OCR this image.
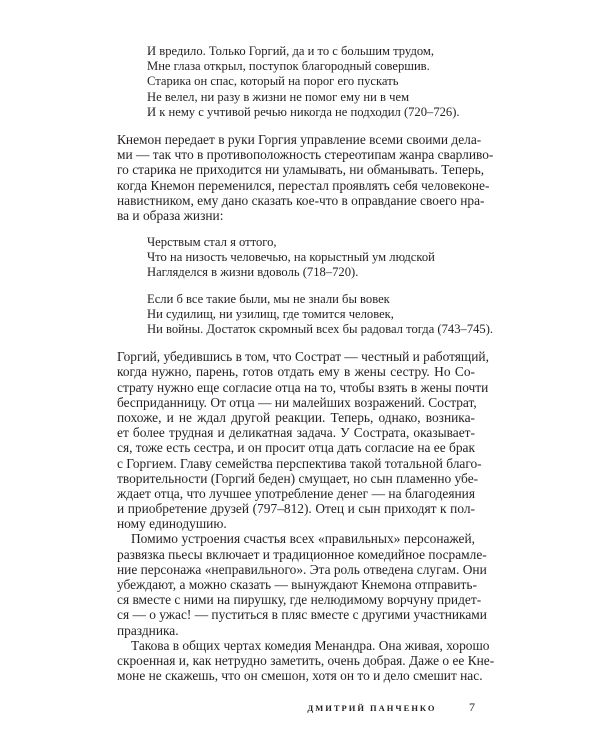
И вредило. Только Горгий, да и то с большим трудом,
Мне глаза открыл, поступок благородный совершив.
Старика он спас, который на порог его пускать
Не велел, ни разу в жизни не помог ему ни в чем
И к нему с учтивой речью никогда не подходил (720–726).
Кнемон передает в руки Горгия управление всеми своими дела-
ми — так что в противоположность стереотипам жанра сварливо-
го старика не приходится ни уламывать, ни обманывать. Теперь,
когда Кнемон переменился, перестал проявлять себя человеконе-
навистником, ему дано сказать кое-что в оправдание своего нра-
ва и образа жизни:
Черствым стал я оттого,
Что на низость человечью, на корыстный ум людской
Нагляделся в жизни вдоволь (718–720).
Если б все такие были, мы не знали бы вовек
Ни судилищ, ни узилищ, где томится человек,
Ни войны. Достаток скромный всех бы радовал тогда (743–745).
Горгий, убедившись в том, что Сострат — честный и работящий,
когда нужно, парень, готов отдать ему в жены сестру. Но Со-
страту нужно еще согласие отца на то, чтобы взять в жены почти
бесприданницу. От отца — ни малейших возражений. Сострат,
похоже, и не ждал другой реакции. Теперь, однако, возника-
ет более трудная и деликатная задача. У Сострата, оказывает-
ся, тоже есть сестра, и он просит отца дать согласие на ее брак
с Горгием. Главу семейства перспектива такой тотальной благо-
творительности (Горгий беден) смущает, но сын пламенно убе-
ждает отца, что лучшее употребление денег — на благодеяния
и приобретение друзей (797–812). Отец и сын приходят к пол-
ному единодушию.
Помимо устроения счастья всех «правильных» персонажей,
развязка пьесы включает и традиционное комедийное посрамле-
ние персонажа «неправильного». Эта роль отведена слугам. Они
убеждают, а можно сказать — вынуждают Кнемона отправить-
ся вместе с ними на пирушку, где нелюдимому ворчуну придет-
ся — о ужас! — пуститься в пляс вместе с другими участниками
праздника.
Такова в общих чертах комедия Менандра. Она живая, хорошо
скроенная и, как нетрудно заметить, очень добрая. Даже о ее Кне-
моне не скажешь, что он смешон, хотя он то и дело смешит нас.
ДМИТРИЙ ПАНЧЕНКО	7
